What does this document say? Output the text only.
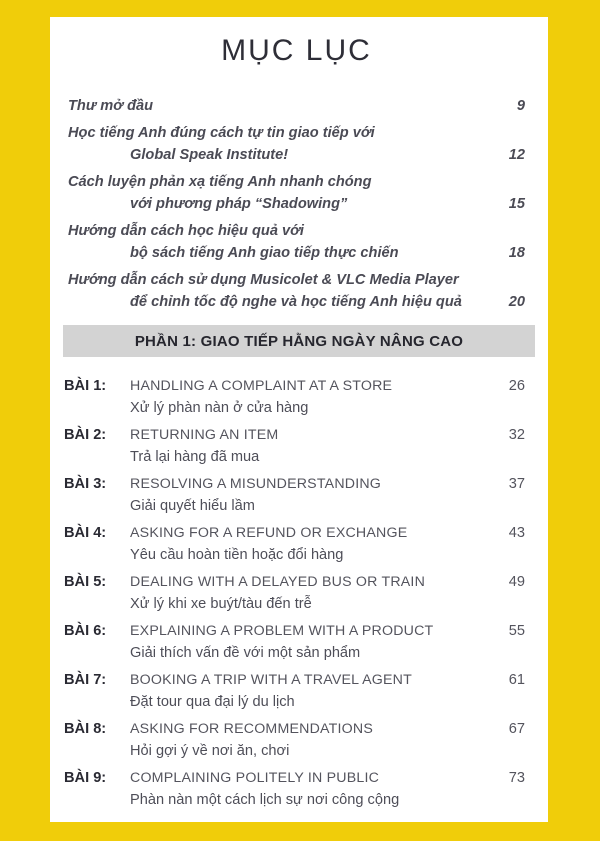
MỤC LỤC
Thư mở đầu	9
Học tiếng Anh đúng cách tự tin giao tiếp với
Global Speak Institute!	12
Cách luyện phản xạ tiếng Anh nhanh chóng
với phương pháp “Shadowing”	15
Hướng dẫn cách học hiệu quả với
bộ sách tiếng Anh giao tiếp thực chiến	18
Hướng dẫn cách sử dụng Musicolet & VLC Media Player
để chỉnh tốc độ nghe và học tiếng Anh hiệu quả	20
PHẦN 1: GIAO TIẾP HẰNG NGÀY NÂNG CAO
BÀI 1:	HANDLING A COMPLAINT AT A STORE	26
Xử lý phàn nàn ở cửa hàng
BÀI 2:	RETURNING AN ITEM	32
Trả lại hàng đã mua
BÀI 3:	RESOLVING A MISUNDERSTANDING	37
Giải quyết hiểu lầm
BÀI 4:	ASKING FOR A REFUND OR EXCHANGE	43
Yêu cầu hoàn tiền hoặc đổi hàng
BÀI 5:	DEALING WITH A DELAYED BUS OR TRAIN	49
Xử lý khi xe buýt/tàu đến trễ
BÀI 6:	EXPLAINING A PROBLEM WITH A PRODUCT	55
Giải thích vấn đề với một sản phẩm
BÀI 7:	BOOKING A TRIP WITH A TRAVEL AGENT	61
Đặt tour qua đại lý du lịch
BÀI 8:	ASKING FOR RECOMMENDATIONS	67
Hỏi gợi ý về nơi ăn, chơi
BÀI 9:	COMPLAINING POLITELY IN PUBLIC	73
Phàn nàn một cách lịch sự nơi công cộng
